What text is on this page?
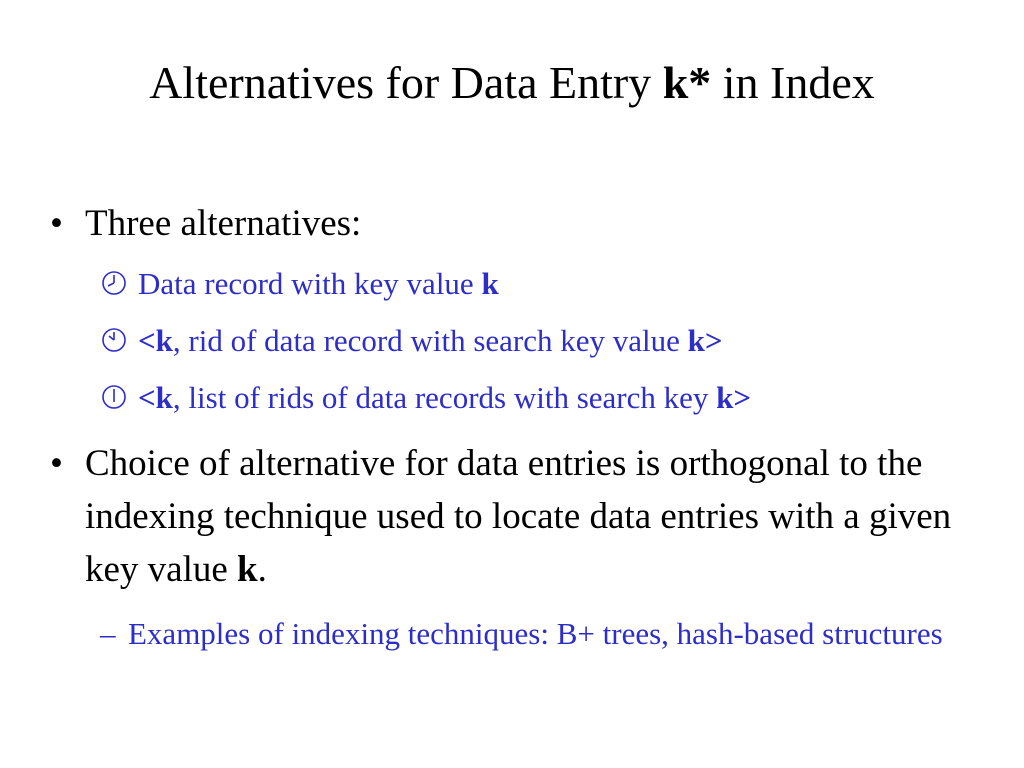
Alternatives for Data Entry k* in Index
• Three alternatives:
Data record with key value k
<k, rid of data record with search key value k>
<k, list of rids of data records with search key k>
• Choice of alternative for data entries is orthogonal to the indexing technique used to locate data entries with a given key value k.
– Examples of indexing techniques: B+ trees, hash-based structures
